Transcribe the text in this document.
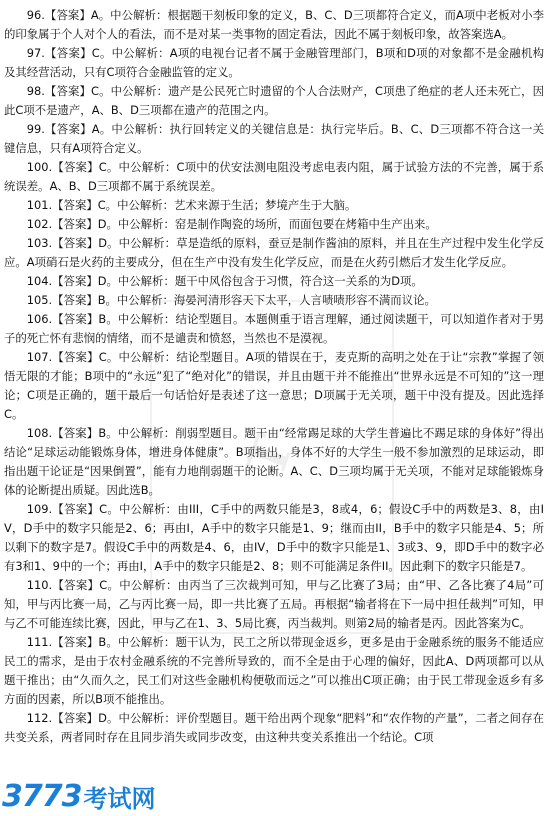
T

96.【答案】A。中公解析：根据题干刻板印象的定义，B、C、D三项都符合定义，而A项中老板对小李的印象属于个人对个人的看法，而不是对某一类事物的固定看法，因此不属于刻板印象，故答案选A。

97.【答案】C。中公解析：A项的电视台记者不属于金融管理部门，B项和D项的对象都不是金融机构及其经营活动，只有C项符合金融监管的定义。

98.【答案】C。中公解析：遗产是公民死亡时遗留的个人合法财产，C项患了绝症的老人还未死亡，因此C项不是遗产，A、B、D三项都在遗产的范围之内。

99.【答案】A。中公解析：执行回转定义的关键信息是：执行完毕后。B、C、D三项都不符合这一关键信息，只有A项符合定义。

100.【答案】C。中公解析：C项中的伏安法测电阻没考虑电表内阻，属于试验方法的不完善，属于系统误差。A、B、D三项都不属于系统误差。

101.【答案】C。中公解析：艺术来源于生活；梦境产生于大脑。

102.【答案】D。中公解析：窑是制作陶瓷的场所，而面包要在烤箱中生产出来。

103.【答案】D。中公解析：草是造纸的原料，蚕豆是制作酱油的原料，并且在生产过程中发生化学反应。A项硝石是火药的主要成分，但在生产中没有发生化学反应，而是在火药引燃后才发生化学反应。

104.【答案】D。中公解析：题干中风俗包含于习惯，符合这一关系的为D项。

105.【答案】B。中公解析：海晏河清形容天下太平，人言啧啧形容不满而议论。

106.【答案】B。中公解析：结论型题目。本题侧重于语言理解，通过阅读题干，可以知道作者对于男子的死亡怀有悲悯的情绪，而不是谴责和愤怒，当然也不是漠视。

107.【答案】C。中公解析：结论型题目。A项的错误在于，麦克斯的高明之处在于让“宗教”掌握了领悟无限的才能；B项中的“永远”犯了“绝对化”的错误，并且由题干并不能推出“世界永远是不可知的”这一理论；C项是正确的，题干最后一句话恰好是表述了这一意思；D项属于无关项，题干中没有提及。因此选择C。

108.【答案】B。中公解析：削弱型题目。题干由“经常踢足球的大学生普遍比不踢足球的身体好”得出结论“足球运动能锻炼身体，增进身体健康”。B项指出，身体不好的大学生一般不参加激烈的足球运动，即指出题干论证是“因果倒置”，能有力地削弱题干的论断。A、C、D三项均属于无关项，不能对足球能锻炼身体的论断提出质疑。因此选B。

109.【答案】C。中公解析：由III，C手中的两数只能是3，8或4，6；假设C手中的两数是3、8，由IV，D手中的数字只能是2、6；再由I，A手中的数字只能是1、9；继而由II，B手中的数字只能是4、5；所以剩下的数字是7。假设C手中的两数是4、6，由IV，D手中的数字只能是1、3或3、9，即D手中的数字必有3和1、9中的一个；再由I，A手中的数字只能是2、8；则不可能满足条件II。因此剩下的数字只能是7。

110.【答案】C。中公解析：由丙当了三次裁判可知，甲与乙比赛了3局；由“甲、乙各比赛了4局”可知，甲与丙比赛一局，乙与丙比赛一局，即一共比赛了五局。再根据“输者将在下一局中担任裁判”可知，甲与乙不可能连续比赛，因此，甲与乙在1、3、5局比赛，丙当裁判。则第2局的输者是丙。因此答案为C。

111.【答案】B。中公解析：题干认为，民工之所以带现金返乡，更多是由于金融系统的服务不能适应民工的需求，是由于农村金融系统的不完善所导致的，而不全是由于心理的偏好，因此A、D两项都可以从题干推出；由“久而久之，民工们对这些金融机构便敬而远之”可以推出C项正确；由于民工带现金返乡有多方面的因素，所以B项不能推出。

112.【答案】D。中公解析：评价型题目。题干给出两个现象“肥料”和“农作物的产量”，二者之间存在共变关系，两者同时存在且同步消失或同步改变，由这种共变关系推出一个结论。C项

3773 考试网
